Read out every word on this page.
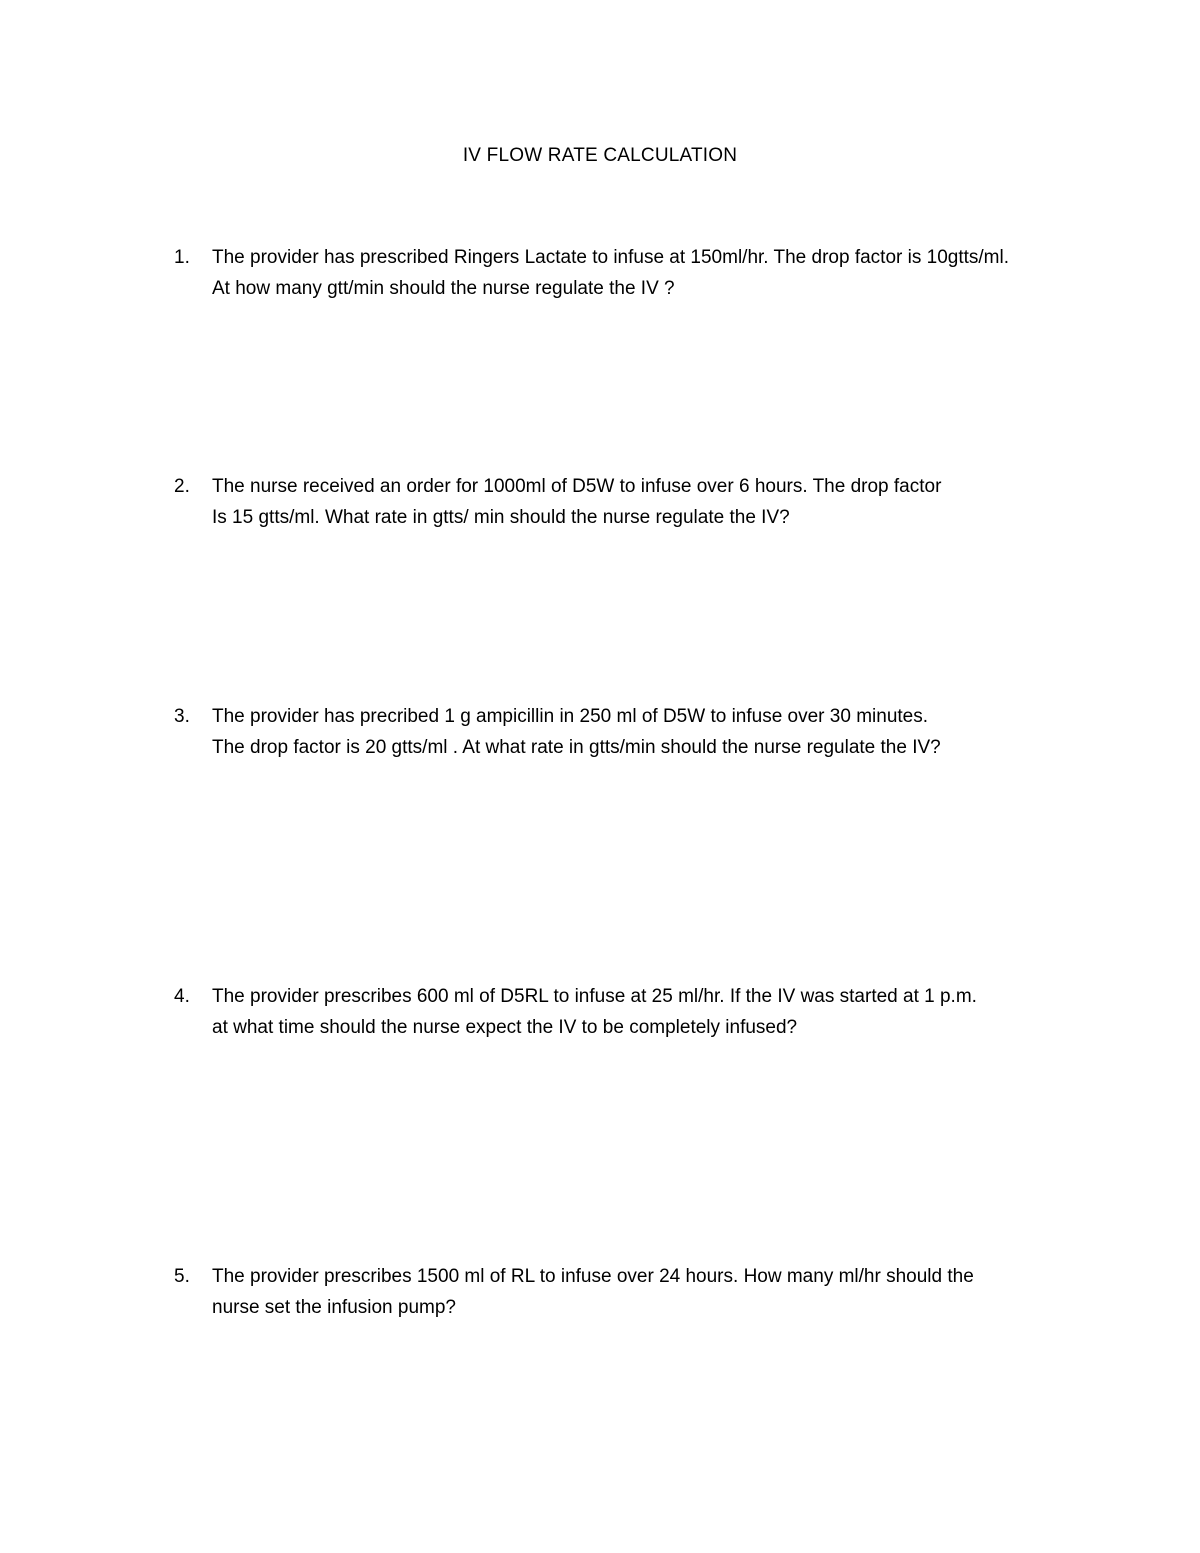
IV FLOW RATE CALCULATION
1. The provider has prescribed Ringers Lactate to infuse at 150ml/hr. The drop factor is 10gtts/ml.
At how many gtt/min should the nurse regulate the IV ?
2. The nurse received an order for 1000ml of D5W to infuse over 6 hours. The drop factor
Is 15 gtts/ml. What rate in gtts/ min should the nurse regulate the IV?
3. The provider has precribed 1 g ampicillin in 250 ml of D5W to infuse over 30 minutes.
The drop factor is 20 gtts/ml . At what rate in gtts/min should the nurse regulate the IV?
4. The provider prescribes 600 ml of D5RL to infuse at 25 ml/hr. If the IV was started at 1 p.m.
at what time should the nurse expect the IV to be completely infused?
5. The provider prescribes 1500 ml of RL to infuse over 24 hours. How many ml/hr should the
nurse set the infusion pump?
